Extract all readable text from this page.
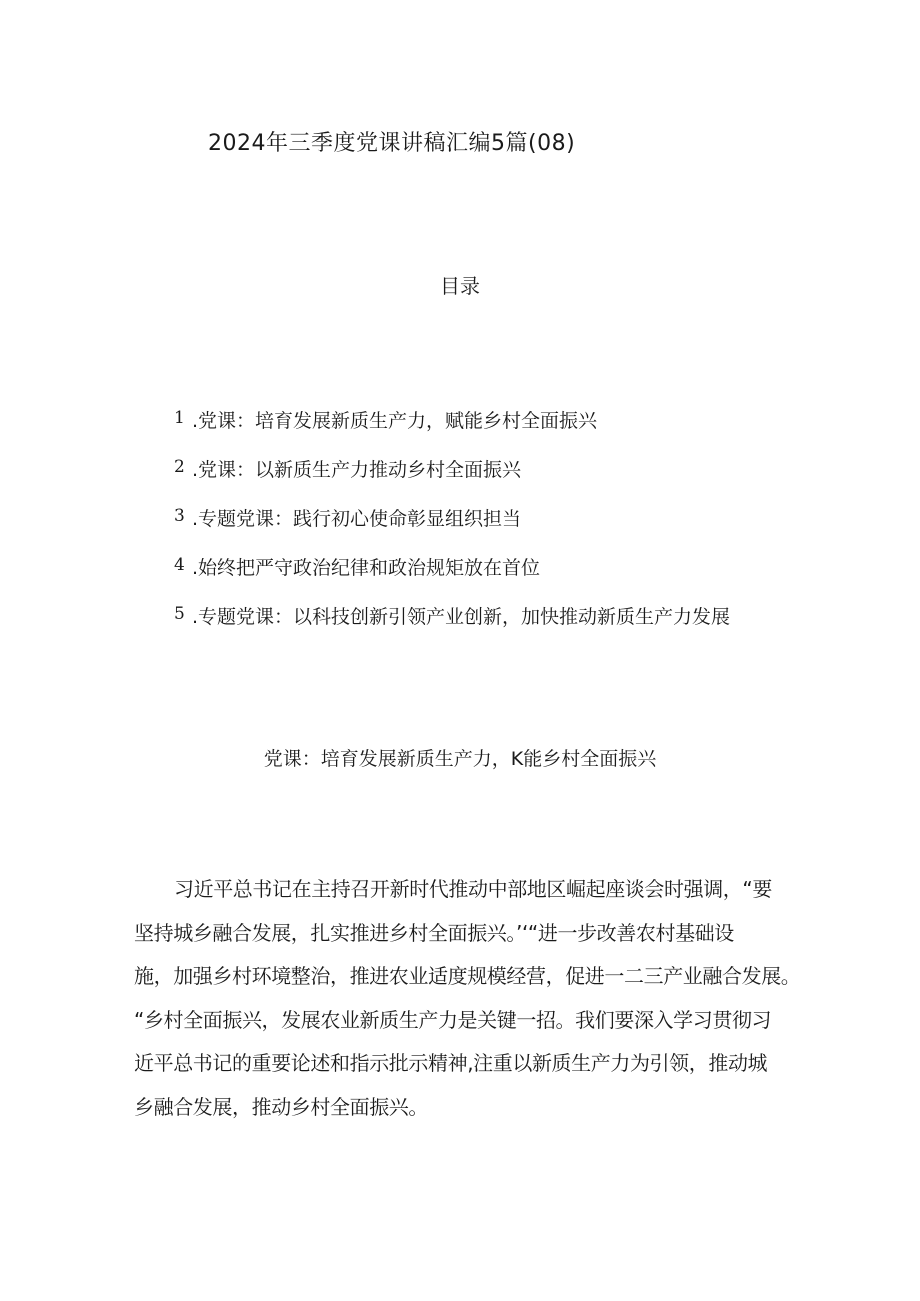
2024年三季度党课讲稿汇编5篇(08)
目录
1 .党课：培育发展新质生产力，赋能乡村全面振兴
2 .党课：以新质生产力推动乡村全面振兴
3 .专题党课：践行初心使命彰显组织担当
4 .始终把严守政治纪律和政治规矩放在首位
5 .专题党课：以科技创新引领产业创新，加快推动新质生产力发展
党课：培育发展新质生产力，K能乡村全面振兴
习近平总书记在主持召开新时代推动中部地区崛起座谈会时强调，“要
坚持城乡融合发展，扎实推进乡村全面振兴。’‘“进一步改善农村基础设
施，加强乡村环境整治，推进农业适度规模经营，促进一二三产业融合发展。
“乡村全面振兴，发展农业新质生产力是关键一招。我们要深入学习贯彻习
近平总书记的重要论述和指示批示精神,注重以新质生产力为引领，推动城
乡融合发展，推动乡村全面振兴。
